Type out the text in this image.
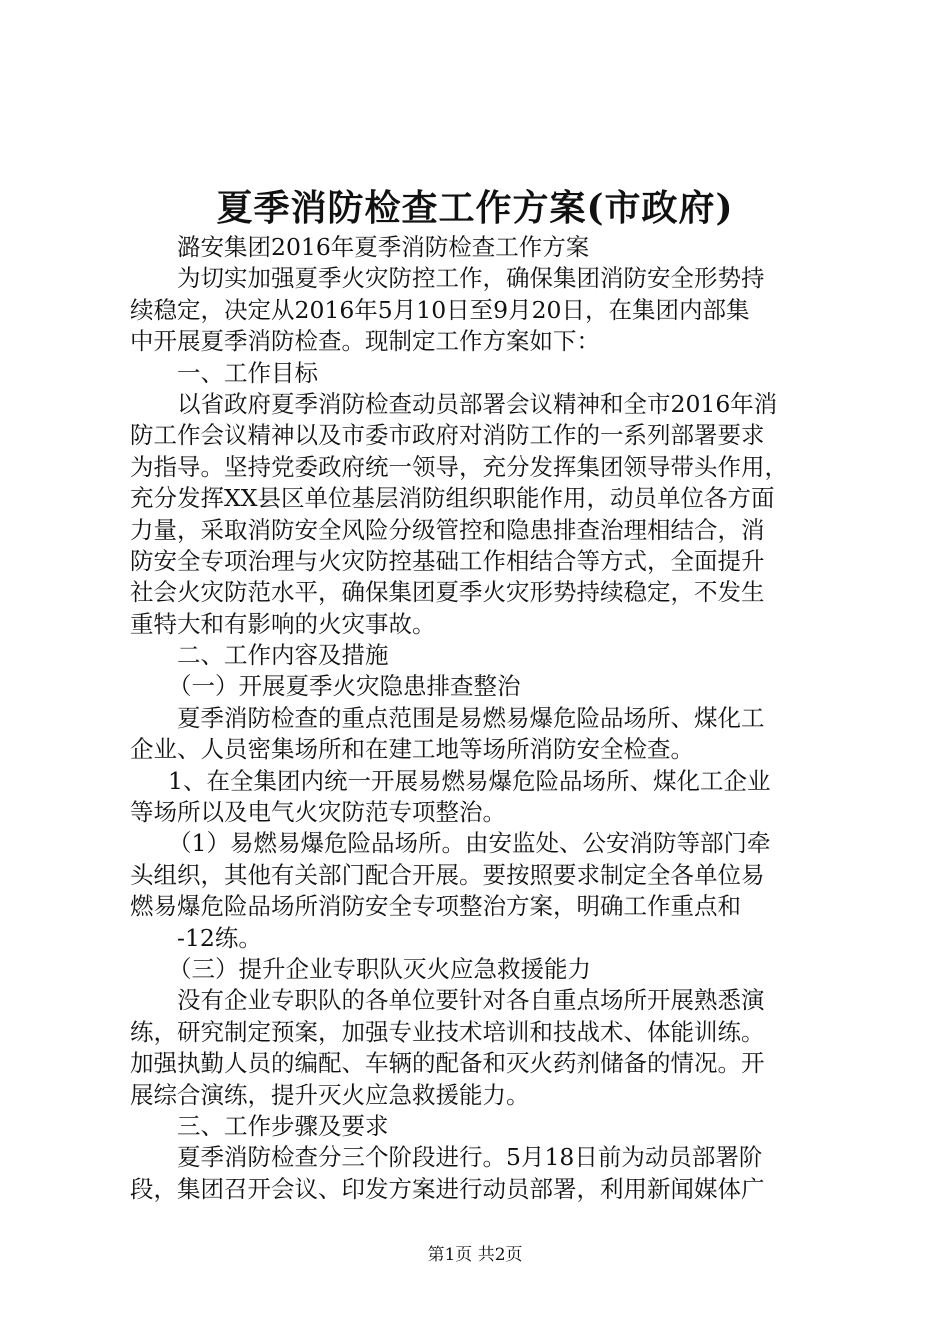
夏季消防检查工作方案(市政府)
潞安集团2016年夏季消防检查工作方案
为切实加强夏季火灾防控工作，确保集团消防安全形势持
续稳定，决定从2016年5月10日至9月20日，在集团内部集
中开展夏季消防检查。现制定工作方案如下：
一、工作目标
以省政府夏季消防检查动员部署会议精神和全市2016年消
防工作会议精神以及市委市政府对消防工作的一系列部署要求
为指导。坚持党委政府统一领导，充分发挥集团领导带头作用，
充分发挥XX县区单位基层消防组织职能作用，动员单位各方面
力量，采取消防安全风险分级管控和隐患排查治理相结合，消
防安全专项治理与火灾防控基础工作相结合等方式，全面提升
社会火灾防范水平，确保集团夏季火灾形势持续稳定，不发生
重特大和有影响的火灾事故。
二、工作内容及措施
（一）开展夏季火灾隐患排查整治
夏季消防检查的重点范围是易燃易爆危险品场所、煤化工
企业、人员密集场所和在建工地等场所消防安全检查。
1、在全集团内统一开展易燃易爆危险品场所、煤化工企业
等场所以及电气火灾防范专项整治。
（1）易燃易爆危险品场所。由安监处、公安消防等部门牵
头组织，其他有关部门配合开展。要按照要求制定全各单位易
燃易爆危险品场所消防安全专项整治方案，明确工作重点和
-12练。
（三）提升企业专职队灭火应急救援能力
没有企业专职队的各单位要针对各自重点场所开展熟悉演
练，研究制定预案，加强专业技术培训和技战术、体能训练。
加强执勤人员的编配、车辆的配备和灭火药剂储备的情况。开
展综合演练，提升灭火应急救援能力。
三、工作步骤及要求
夏季消防检查分三个阶段进行。5月18日前为动员部署阶
段，集团召开会议、印发方案进行动员部署，利用新闻媒体广
第1页 共2页
